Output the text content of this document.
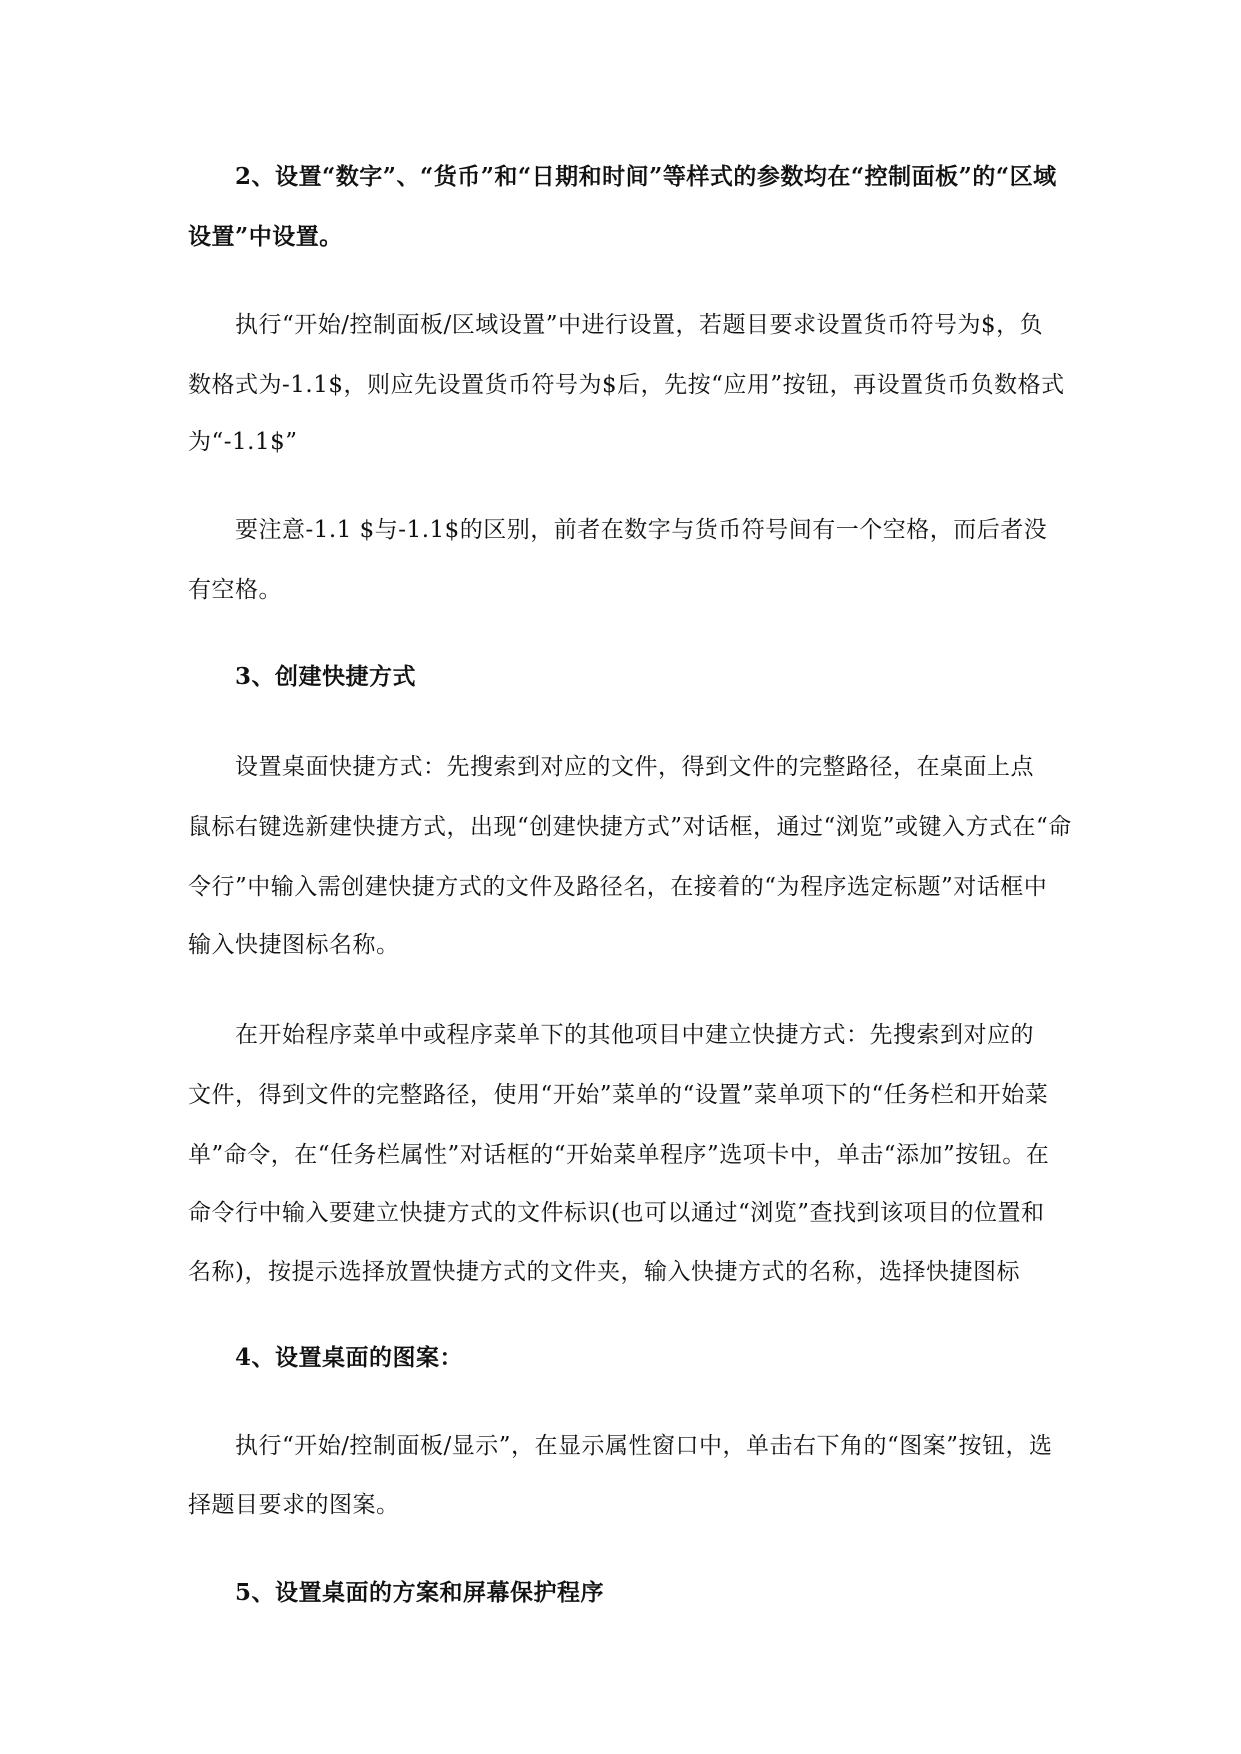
2、设置“数字”、“货币”和“日期和时间”等样式的参数均在“控制面板”的“区域
设置”中设置。
执行“开始/控制面板/区域设置”中进行设置，若题目要求设置货币符号为$，负
数格式为-1.1$，则应先设置货币符号为$后，先按“应用”按钮，再设置货币负数格式
为“-1.1$”
要注意-1.1 $与-1.1$的区别，前者在数字与货币符号间有一个空格，而后者没
有空格。
3、创建快捷方式
设置桌面快捷方式：先搜索到对应的文件，得到文件的完整路径，在桌面上点
鼠标右键选新建快捷方式，出现“创建快捷方式”对话框，通过“浏览”或键入方式在“命
令行”中输入需创建快捷方式的文件及路径名，在接着的“为程序选定标题”对话框中
输入快捷图标名称。
在开始程序菜单中或程序菜单下的其他项目中建立快捷方式：先搜索到对应的
文件，得到文件的完整路径，使用“开始”菜单的“设置”菜单项下的“任务栏和开始菜
单”命令，在“任务栏属性”对话框的“开始菜单程序”选项卡中，单击“添加”按钮。在
命令行中输入要建立快捷方式的文件标识(也可以通过“浏览”查找到该项目的位置和
名称)，按提示选择放置快捷方式的文件夹，输入快捷方式的名称，选择快捷图标
4、设置桌面的图案：
执行“开始/控制面板/显示”，在显示属性窗口中，单击右下角的“图案”按钮，选
择题目要求的图案。
5、设置桌面的方案和屏幕保护程序
